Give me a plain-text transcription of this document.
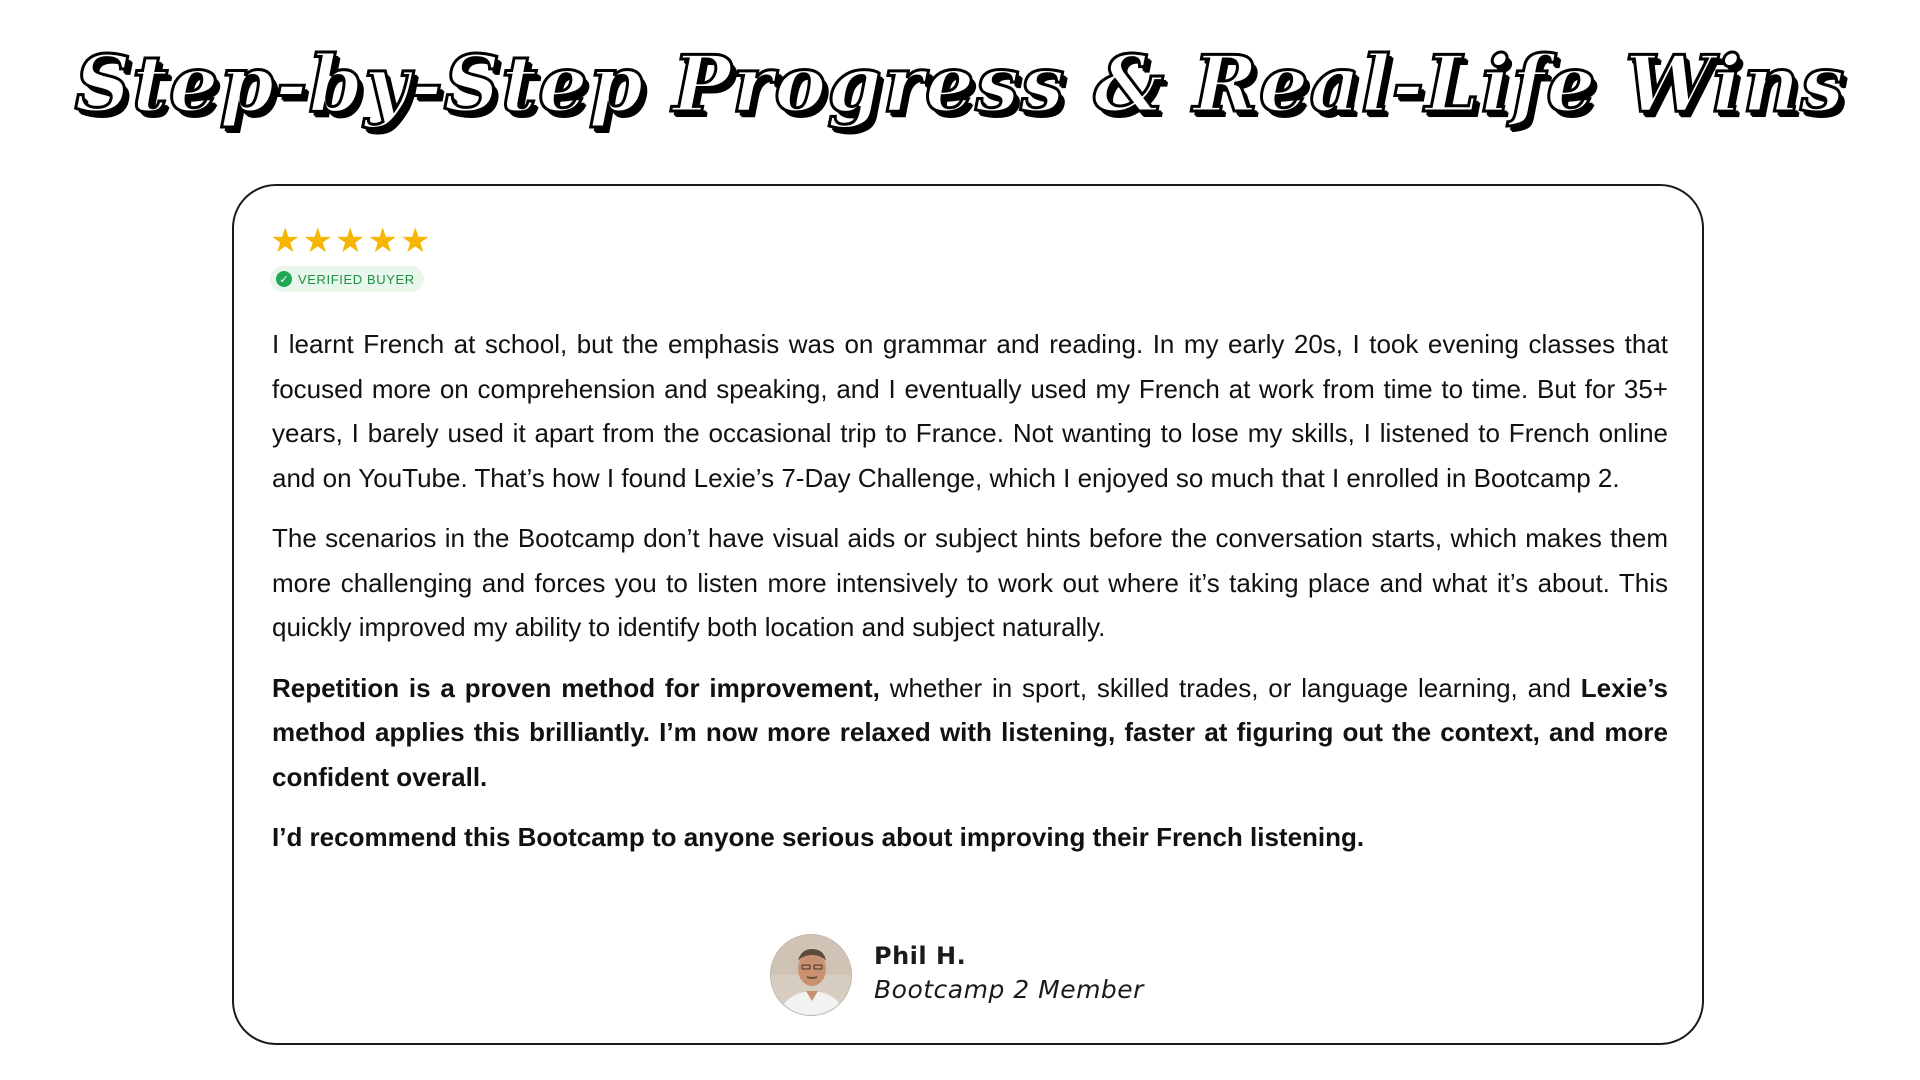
Step-by-Step Progress & Real-Life Wins
★ ★ ★ ★ ★
✓ VERIFIED BUYER

I learnt French at school, but the emphasis was on grammar and reading. In my early 20s, I took evening classes that focused more on comprehension and speaking, and I eventually used my French at work from time to time. But for 35+ years, I barely used it apart from the occasional trip to France. Not wanting to lose my skills, I listened to French online and on YouTube. That’s how I found Lexie’s 7-Day Challenge, which I enjoyed so much that I enrolled in Bootcamp 2.

The scenarios in the Bootcamp don’t have visual aids or subject hints before the conversation starts, which makes them more challenging and forces you to listen more intensively to work out where it’s taking place and what it’s about. This quickly improved my ability to identify both location and subject naturally.

Repetition is a proven method for improvement, whether in sport, skilled trades, or language learning, and Lexie’s method applies this brilliantly. I’m now more relaxed with listening, faster at figuring out the context, and more confident overall.

I’d recommend this Bootcamp to anyone serious about improving their French listening.

Phil H.
Bootcamp 2 Member
